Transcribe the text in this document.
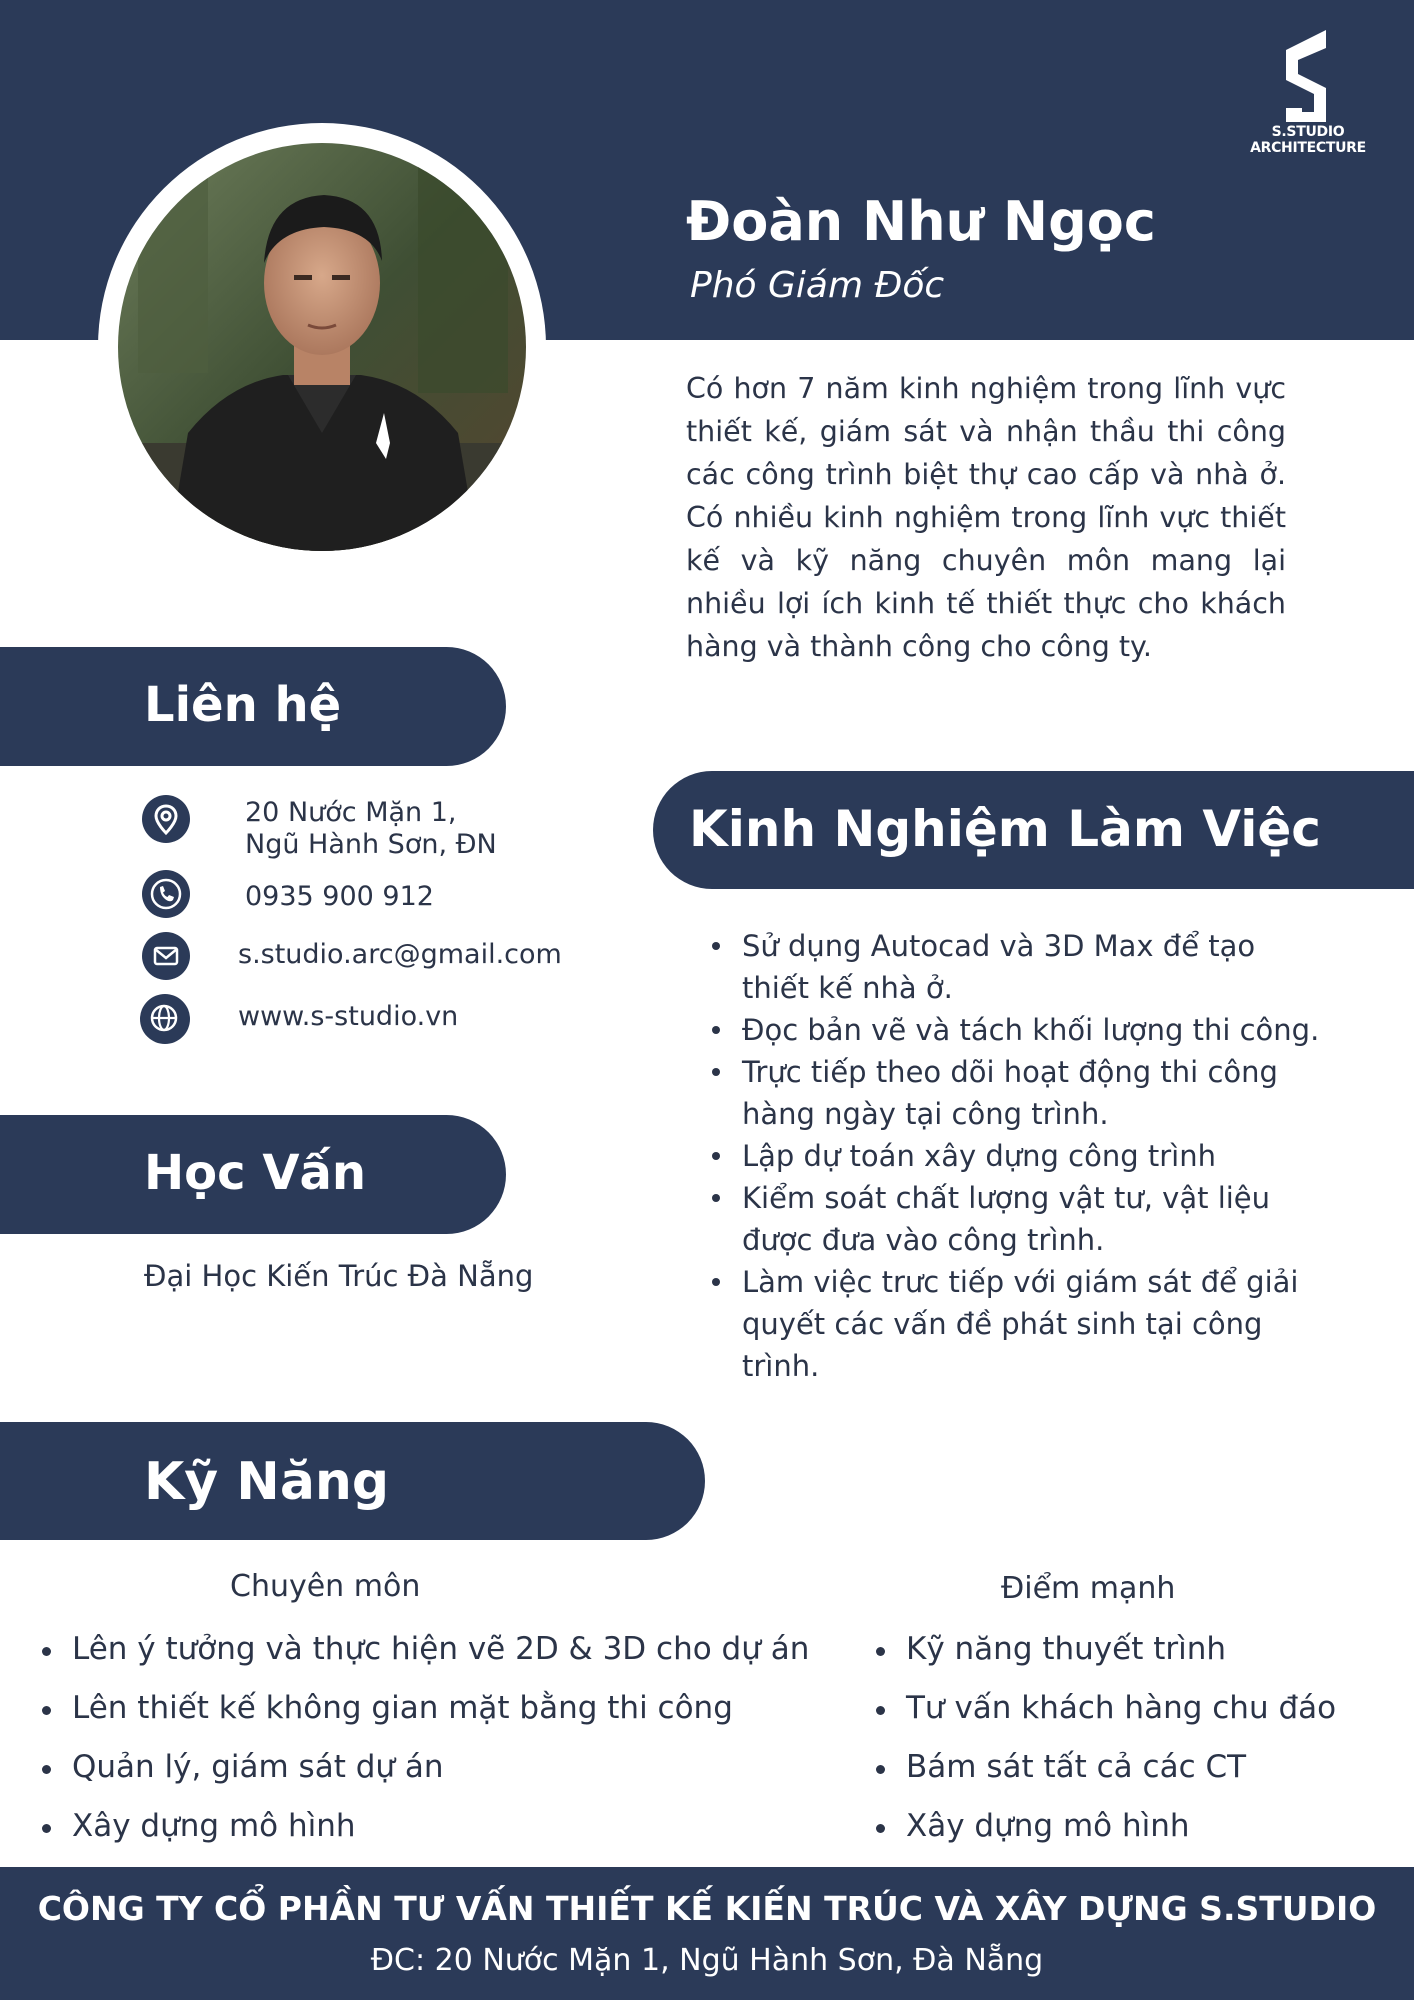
S.STUDIO ARCHITECTURE
Đoàn Như Ngọc
Phó Giám Đốc

Có hơn 7 năm kinh nghiệm trong lĩnh vực thiết kế, giám sát và nhận thầu thi công các công trình biệt thự cao cấp và nhà ở. Có nhiều kinh nghiệm trong lĩnh vực thiết kế và kỹ năng chuyên môn mang lại nhiều lợi ích kinh tế thiết thực cho khách hàng và thành công cho công ty.

Liên hệ
20 Nước Mặn 1,
Ngũ Hành Sơn, ĐN
0935 900 912
s.studio.arc@gmail.com
www.s-studio.vn
Học Vấn
Đại Học Kiến Trúc Đà Nẵng
Kinh Nghiệm Làm Việc
Sử dụng Autocad và 3D Max để tạo thiết kế nhà ở.
Đọc bản vẽ và tách khối lượng thi công.
Trực tiếp theo dõi hoạt động thi công hàng ngày tại công trình.
Lập dự toán xây dựng công trình
Kiểm soát chất lượng vật tư, vật liệu được đưa vào công trình.
Làm việc trưc tiếp với giám sát để giải quyết các vấn đề phát sinh tại công trình.
Kỹ Năng
Chuyên môn	Điểm mạnh
Lên ý tưởng và thực hiện vẽ 2D & 3D cho dự án
Lên thiết kế không gian mặt bằng thi công
Quản lý, giám sát dự án
Xây dựng mô hình
Kỹ năng thuyết trình
Tư vấn khách hàng chu đáo
Bám sát tất cả các CT
Xây dựng mô hình
CÔNG TY CỔ PHẦN TƯ VẤN THIẾT KẾ KIẾN TRÚC VÀ XÂY DỰNG S.STUDIO
ĐC: 20 Nước Mặn 1, Ngũ Hành Sơn, Đà Nẵng
